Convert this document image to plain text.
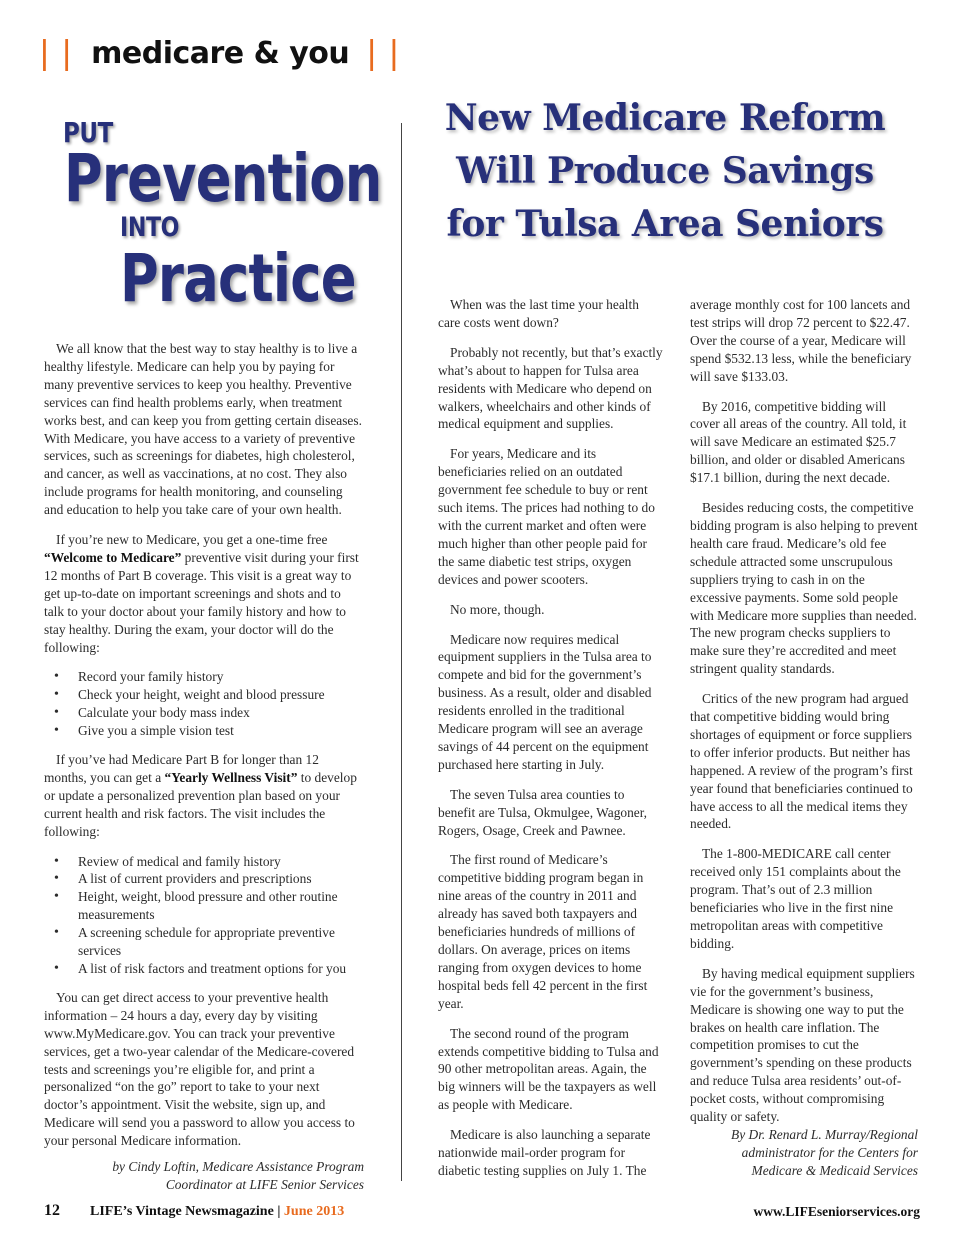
| | medicare & you | |
PUT
Prevention
INTO
Practice
New Medicare Reform
Will Produce Savings
for Tulsa Area Seniors

We all know that the best way to stay healthy is to live a healthy lifestyle. Medicare can help you by paying for many preventive services to keep you healthy. Preventive services can find health problems early, when treatment works best, and can keep you from getting certain diseases. With Medicare, you have access to a variety of preventive services, such as screenings for diabetes, high cholesterol, and cancer, as well as vaccinations, at no cost. They also include programs for health monitoring, and counseling and education to help you take care of your own health.

If you’re new to Medicare, you get a one-time free “Welcome to Medicare” preventive visit during your first 12 months of Part B coverage. This visit is a great way to get up-to-date on important screenings and shots and to talk to your doctor about your family history and how to stay healthy. During the exam, your doctor will do the following:

• Record your family history
• Check your height, weight and blood pressure
• Calculate your body mass index
• Give you a simple vision test

If you’ve had Medicare Part B for longer than 12 months, you can get a “Yearly Wellness Visit” to develop or update a personalized prevention plan based on your current health and risk factors. The visit includes the following:

• Review of medical and family history
• A list of current providers and prescriptions
• Height, weight, blood pressure and other routine measurements
• A screening schedule for appropriate preventive services
• A list of risk factors and treatment options for you

You can get direct access to your preventive health information – 24 hours a day, every day by visiting www.MyMedicare.gov. You can track your preventive services, get a two-year calendar of the Medicare-covered tests and screenings you’re eligible for, and print a personalized “on the go” report to take to your next doctor’s appointment. Visit the website, sign up, and Medicare will send you a password to allow you access to your personal Medicare information.

by Cindy Loftin, Medicare Assistance Program
Coordinator at LIFE Senior Services

When was the last time your health care costs went down?

Probably not recently, but that’s exactly what’s about to happen for Tulsa area residents with Medicare who depend on walkers, wheelchairs and other kinds of medical equipment and supplies.

For years, Medicare and its beneficiaries relied on an outdated government fee schedule to buy or rent such items. The prices had nothing to do with the current market and often were much higher than other people paid for the same diabetic test strips, oxygen devices and power scooters.

No more, though.

Medicare now requires medical equipment suppliers in the Tulsa area to compete and bid for the government’s business. As a result, older and disabled residents enrolled in the traditional Medicare program will see an average savings of 44 percent on the equipment purchased here starting in July.

The seven Tulsa area counties to benefit are Tulsa, Okmulgee, Wagoner, Rogers, Osage, Creek and Pawnee.

The first round of Medicare’s competitive bidding program began in nine areas of the country in 2011 and already has saved both taxpayers and beneficiaries hundreds of millions of dollars. On average, prices on items ranging from oxygen devices to home hospital beds fell 42 percent in the first year.

The second round of the program extends competitive bidding to Tulsa and 90 other metropolitan areas. Again, the big winners will be the taxpayers as well as people with Medicare.

Medicare is also launching a separate nationwide mail-order program for diabetic testing supplies on July 1. The

average monthly cost for 100 lancets and test strips will drop 72 percent to $22.47. Over the course of a year, Medicare will spend $532.13 less, while the beneficiary will save $133.03.

By 2016, competitive bidding will cover all areas of the country. All told, it will save Medicare an estimated $25.7 billion, and older or disabled Americans $17.1 billion, during the next decade.

Besides reducing costs, the competitive bidding program is also helping to prevent health care fraud. Medicare’s old fee schedule attracted some unscrupulous suppliers trying to cash in on the excessive payments. Some sold people with Medicare more supplies than needed. The new program checks suppliers to make sure they’re accredited and meet stringent quality standards.

Critics of the new program had argued that competitive bidding would bring shortages of equipment or force suppliers to offer inferior products. But neither has happened. A review of the program’s first year found that beneficiaries continued to have access to all the medical items they needed.

The 1-800-MEDICARE call center received only 151 complaints about the program. That’s out of 2.3 million beneficiaries who live in the first nine metropolitan areas with competitive bidding.

By having medical equipment suppliers vie for the government’s business, Medicare is showing one way to put the brakes on health care inflation. The competition promises to cut the government’s spending on these products and reduce Tulsa area residents’ out-of-pocket costs, without compromising quality or safety.

By Dr. Renard L. Murray/Regional
administrator for the Centers for
Medicare & Medicaid Services

12 LIFE’s Vintage Newsmagazine | June 2013	www.LIFEseniorservices.org
